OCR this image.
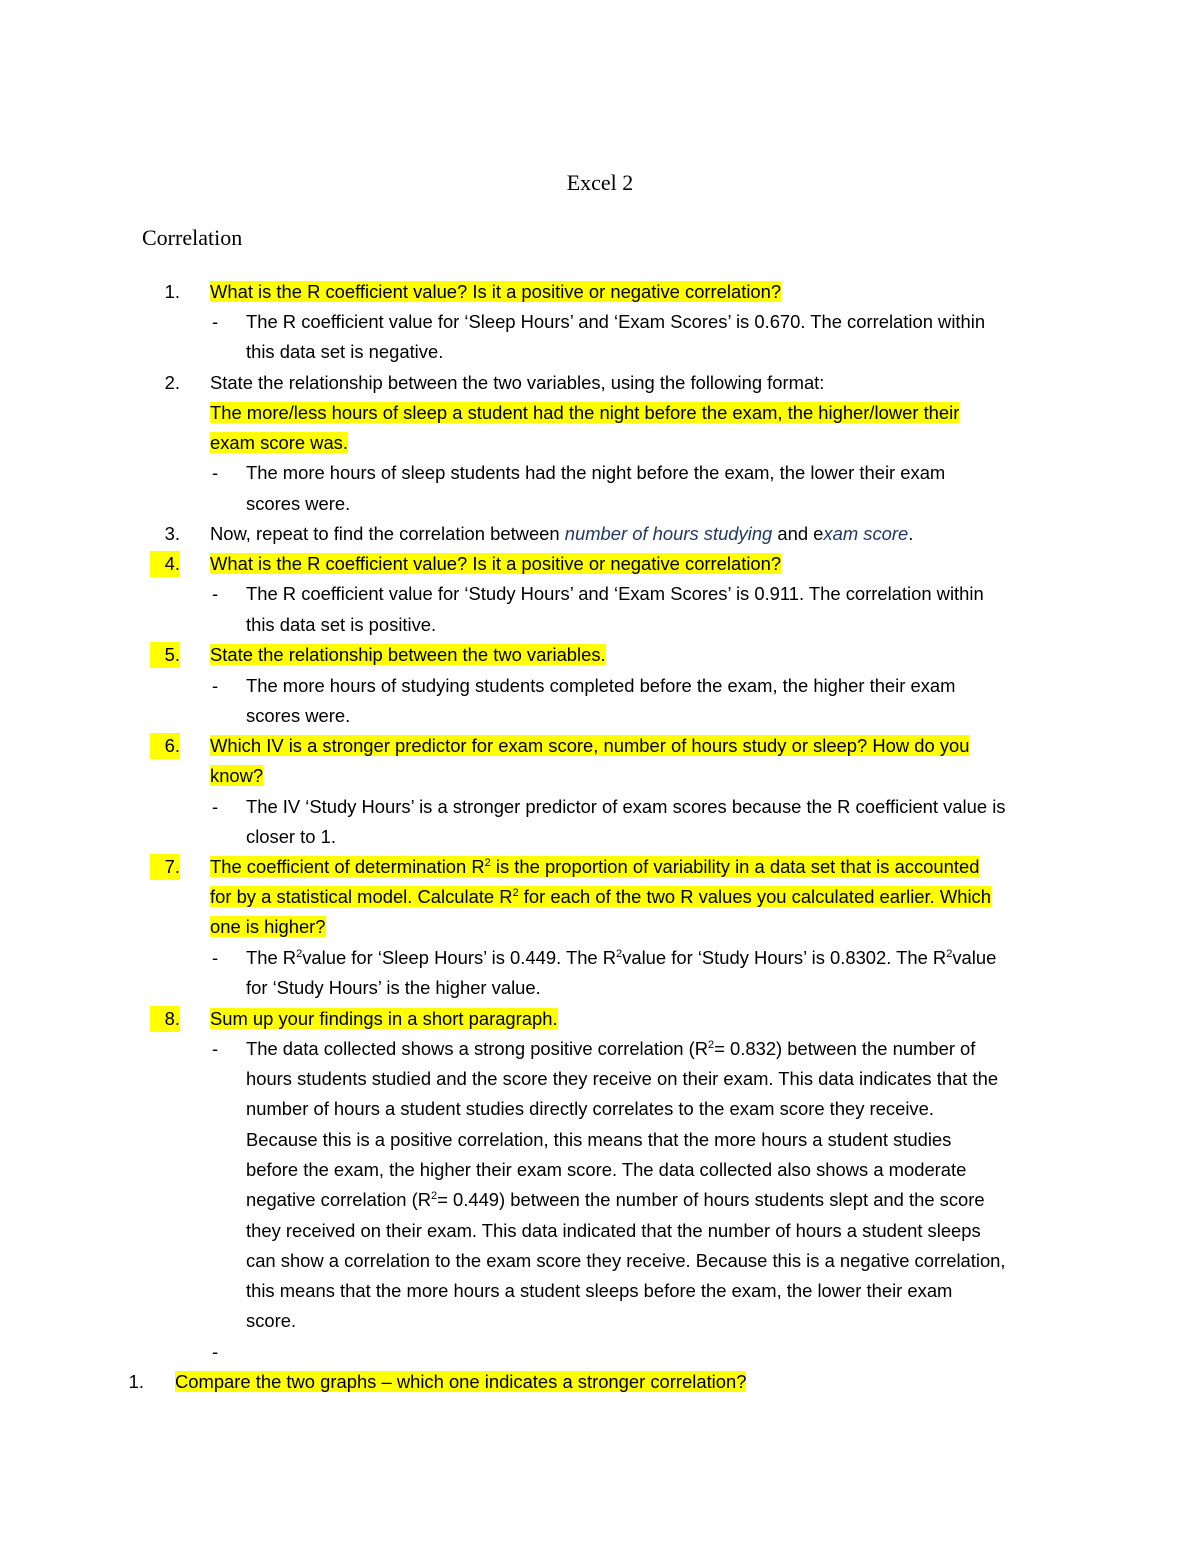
Excel 2
Correlation
1. What is the R coefficient value? Is it a positive or negative correlation?
- The R coefficient value for ‘Sleep Hours’ and ‘Exam Scores’ is 0.670. The correlation within
this data set is negative.
2. State the relationship between the two variables, using the following format:
The more/less hours of sleep a student had the night before the exam, the higher/lower their
exam score was.
- The more hours of sleep students had the night before the exam, the lower their exam
scores were.
3. Now, repeat to find the correlation between number of hours studying and exam score.
4. What is the R coefficient value? Is it a positive or negative correlation?
- The R coefficient value for ‘Study Hours’ and ‘Exam Scores’ is 0.911. The correlation within
this data set is positive.
5. State the relationship between the two variables.
- The more hours of studying students completed before the exam, the higher their exam
scores were.
6. Which IV is a stronger predictor for exam score, number of hours study or sleep? How do you
know?
- The IV ‘Study Hours’ is a stronger predictor of exam scores because the R coefficient value is
closer to 1.
7. The coefficient of determination $R^2$ is the proportion of variability in a data set that is accounted
for by a statistical model. Calculate $R^2$ for each of the two R values you calculated earlier. Which
one is higher?
- The $R^2value$ for ‘Sleep Hours’ is 0.449. The $R^2value$ for ‘Study Hours’ is 0.8302. The $R^2value$
for ‘Study Hours’ is the higher value.
8. Sum up your findings in a short paragraph.
- The data collected shows a strong positive correlation $(R^2= 0.832)$ between the number of
hours students studied and the score they receive on their exam. This data indicates that the
number of hours a student studies directly correlates to the exam score they receive.
Because this is a positive correlation, this means that the more hours a student studies
before the exam, the higher their exam score. The data collected also shows a moderate
negative correlation $(R^2= 0.449)$ between the number of hours students slept and the score
they received on their exam. This data indicated that the number of hours a student sleeps
can show a correlation to the exam score they receive. Because this is a negative correlation,
this means that the more hours a student sleeps before the exam, the lower their exam
score.
-
1. Compare the two graphs – which one indicates a stronger correlation?
